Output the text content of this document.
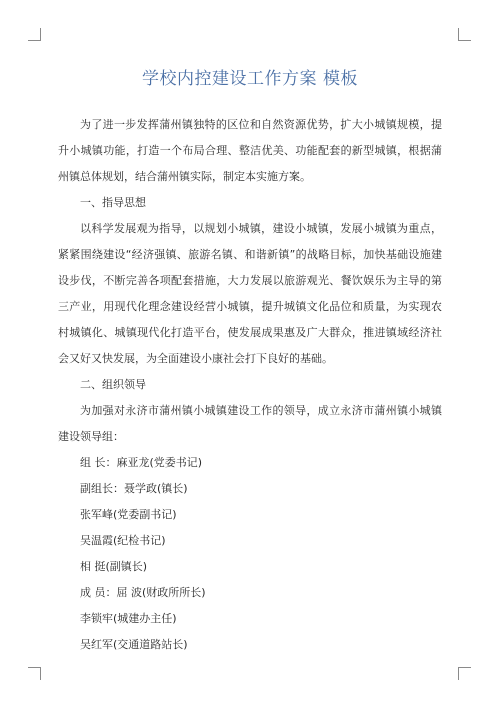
学校内控建设工作方案 模板

为了进一步发挥蒲州镇独特的区位和自然资源优势，扩大小城镇规模，提升小城镇功能，打造一个布局合理、整洁优美、功能配套的新型城镇，根据蒲州镇总体规划，结合蒲州镇实际，制定本实施方案。

一、指导思想

以科学发展观为指导，以规划小城镇，建设小城镇，发展小城镇为重点，紧紧围绕建设“经济强镇、旅游名镇、和谐新镇”的战略目标，加快基础设施建设步伐，不断完善各项配套措施，大力发展以旅游观光、餐饮娱乐为主导的第三产业，用现代化理念建设经营小城镇，提升城镇文化品位和质量，为实现农村城镇化、城镇现代化打造平台，使发展成果惠及广大群众，推进镇域经济社会又好又快发展，为全面建设小康社会打下良好的基础。

二、组织领导

为加强对永济市蒲州镇小城镇建设工作的领导，成立永济市蒲州镇小城镇建设领导组：

组 长：麻亚龙(党委书记)

副组长：聂学政(镇长)

张军峰(党委副书记)

吴温霞(纪检书记)

相 挺(副镇长)

成 员：屈 波(财政所所长)

李锁牢(城建办主任)

吴红军(交通道路站长)
